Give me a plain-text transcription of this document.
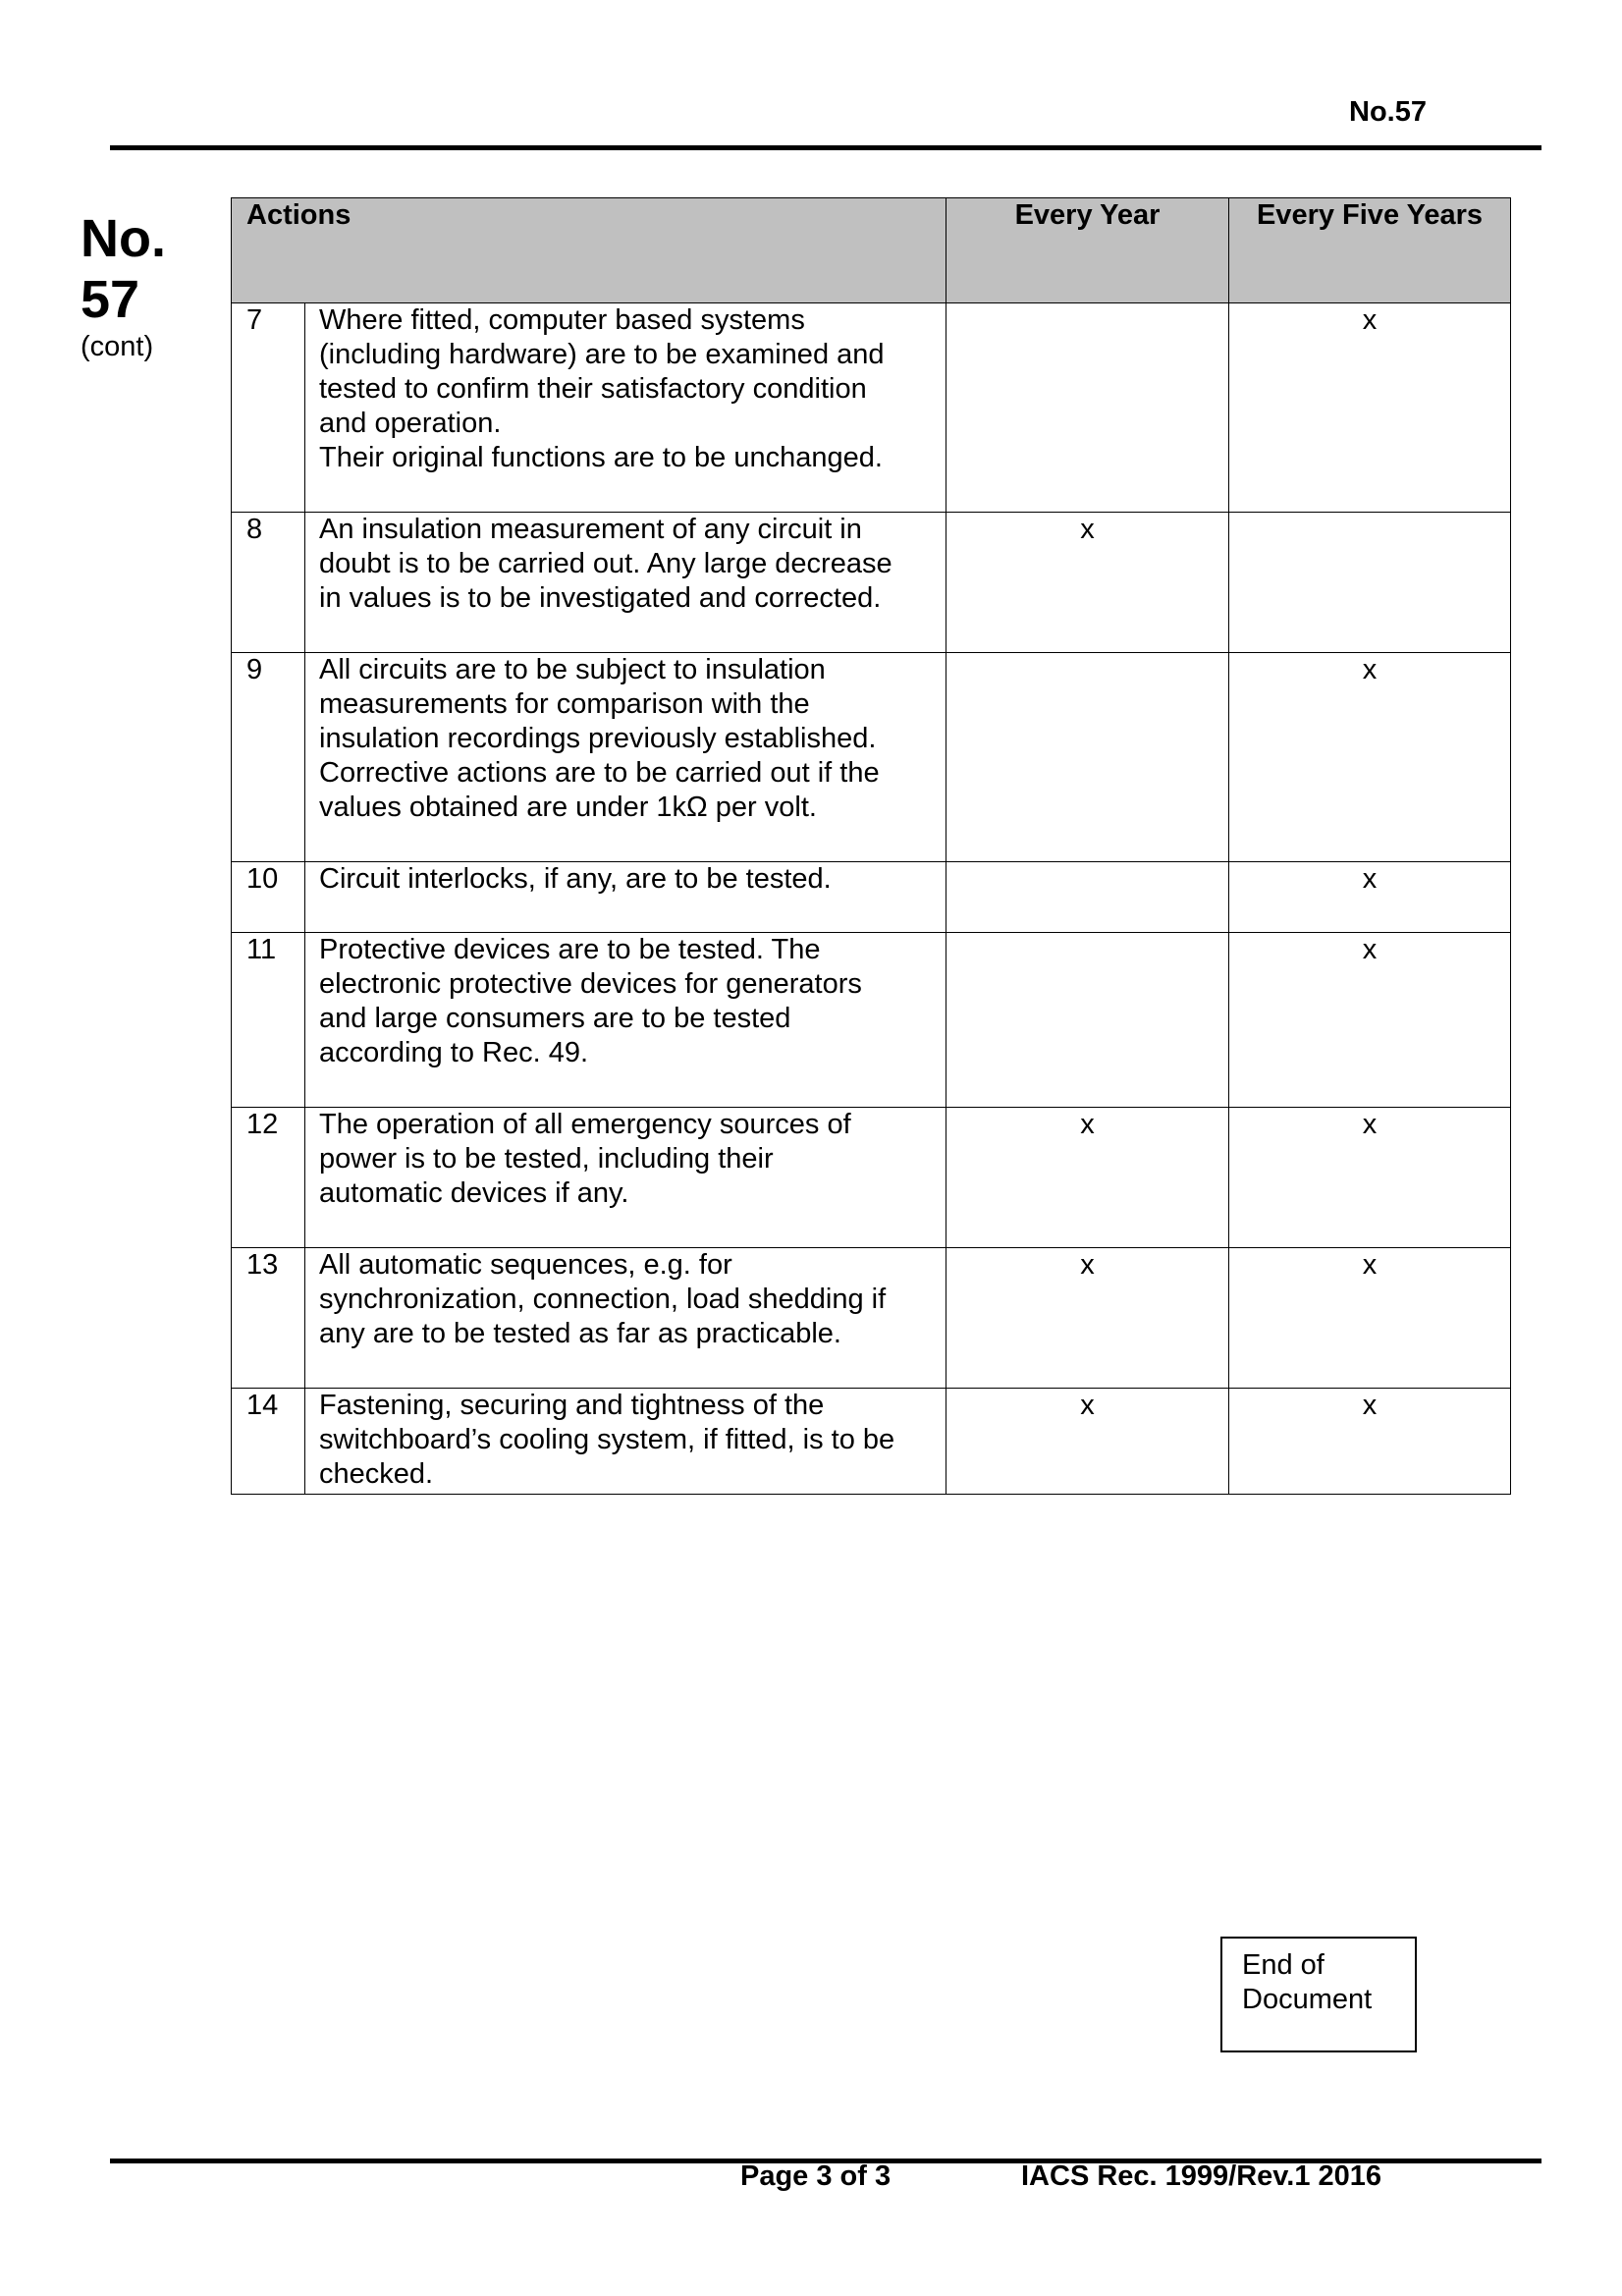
No.57
No.
57
(cont)
Actions		Every Year	Every Five Years
7	Where fitted, computer based systems
(including hardware) are to be examined and
tested to confirm their satisfactory condition
and operation.
Their original functions are to be unchanged.		x
8	An insulation measurement of any circuit in
doubt is to be carried out. Any large decrease
in values is to be investigated and corrected.	x	
9	All circuits are to be subject to insulation
measurements for comparison with the
insulation recordings previously established.
Corrective actions are to be carried out if the
values obtained are under 1kΩ per volt.		x
10	Circuit interlocks, if any, are to be tested.		x
11	Protective devices are to be tested. The
electronic protective devices for generators
and large consumers are to be tested
according to Rec. 49.		x
12	The operation of all emergency sources of
power is to be tested, including their
automatic devices if any.	x	x
13	All automatic sequences, e.g. for
synchronization, connection, load shedding if
any are to be tested as far as practicable.	x	x
14	Fastening, securing and tightness of the
switchboard’s cooling system, if fitted, is to be
checked.	x	x
End of
Document
Page 3 of 3	IACS Rec. 1999/Rev.1 2016
